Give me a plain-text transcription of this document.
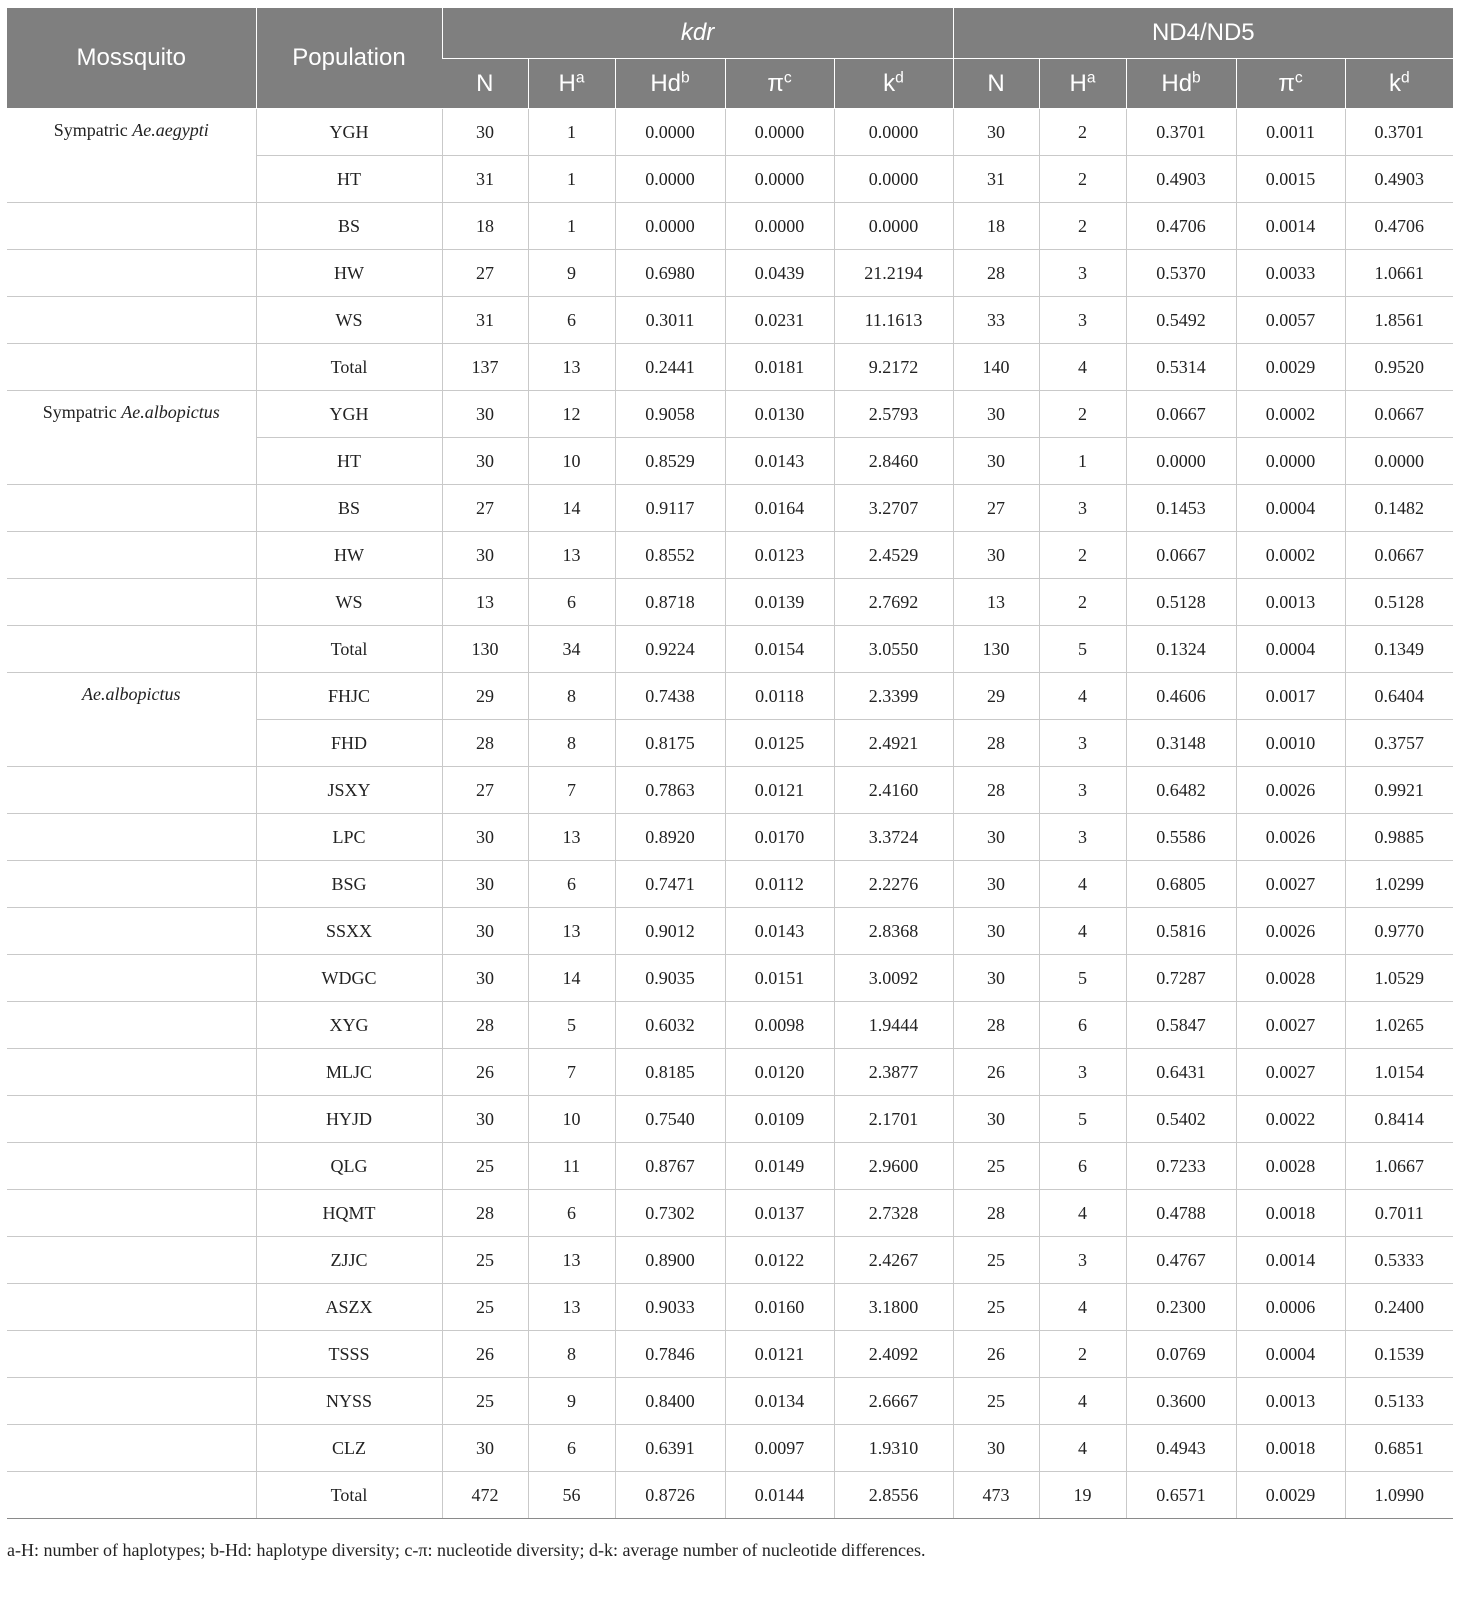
Mossquito	Population	kdr					ND4/ND5				
		N	$H^a$	Hd$^b$	$\pi^c$	$k^d$	N	$H^a$	Hd$^b$	$\pi^c$	$k^d$
Sympatric Ae.aegypti	YGH	30	1	0.0000	0.0000	0.0000	30	2	0.3701	0.0011	0.3701
	HT	31	1	0.0000	0.0000	0.0000	31	2	0.4903	0.0015	0.4903
	BS	18	1	0.0000	0.0000	0.0000	18	2	0.4706	0.0014	0.4706
	HW	27	9	0.6980	0.0439	21.2194	28	3	0.5370	0.0033	1.0661
	WS	31	6	0.3011	0.0231	11.1613	33	3	0.5492	0.0057	1.8561
	Total	137	13	0.2441	0.0181	9.2172	140	4	0.5314	0.0029	0.9520
Sympatric Ae.albopictus	YGH	30	12	0.9058	0.0130	2.5793	30	2	0.0667	0.0002	0.0667
	HT	30	10	0.8529	0.0143	2.8460	30	1	0.0000	0.0000	0.0000
	BS	27	14	0.9117	0.0164	3.2707	27	3	0.1453	0.0004	0.1482
	HW	30	13	0.8552	0.0123	2.4529	30	2	0.0667	0.0002	0.0667
	WS	13	6	0.8718	0.0139	2.7692	13	2	0.5128	0.0013	0.5128
	Total	130	34	0.9224	0.0154	3.0550	130	5	0.1324	0.0004	0.1349
Ae.albopictus	FHJC	29	8	0.7438	0.0118	2.3399	29	4	0.4606	0.0017	0.6404
	FHD	28	8	0.8175	0.0125	2.4921	28	3	0.3148	0.0010	0.3757
	JSXY	27	7	0.7863	0.0121	2.4160	28	3	0.6482	0.0026	0.9921
	LPC	30	13	0.8920	0.0170	3.3724	30	3	0.5586	0.0026	0.9885
	BSG	30	6	0.7471	0.0112	2.2276	30	4	0.6805	0.0027	1.0299
	SSXX	30	13	0.9012	0.0143	2.8368	30	4	0.5816	0.0026	0.9770
	WDGC	30	14	0.9035	0.0151	3.0092	30	5	0.7287	0.0028	1.0529
	XYG	28	5	0.6032	0.0098	1.9444	28	6	0.5847	0.0027	1.0265
	MLJC	26	7	0.8185	0.0120	2.3877	26	3	0.6431	0.0027	1.0154
	HYJD	30	10	0.7540	0.0109	2.1701	30	5	0.5402	0.0022	0.8414
	QLG	25	11	0.8767	0.0149	2.9600	25	6	0.7233	0.0028	1.0667
	HQMT	28	6	0.7302	0.0137	2.7328	28	4	0.4788	0.0018	0.7011
	ZJJC	25	13	0.8900	0.0122	2.4267	25	3	0.4767	0.0014	0.5333
	ASZX	25	13	0.9033	0.0160	3.1800	25	4	0.2300	0.0006	0.2400
	TSSS	26	8	0.7846	0.0121	2.4092	26	2	0.0769	0.0004	0.1539
	NYSS	25	9	0.8400	0.0134	2.6667	25	4	0.3600	0.0013	0.5133
	CLZ	30	6	0.6391	0.0097	1.9310	30	4	0.4943	0.0018	0.6851
	Total	472	56	0.8726	0.0144	2.8556	473	19	0.6571	0.0029	1.0990
a-H: number of haplotypes; b-Hd: haplotype diversity; c-π: nucleotide diversity; d-k: average number of nucleotide differences.
